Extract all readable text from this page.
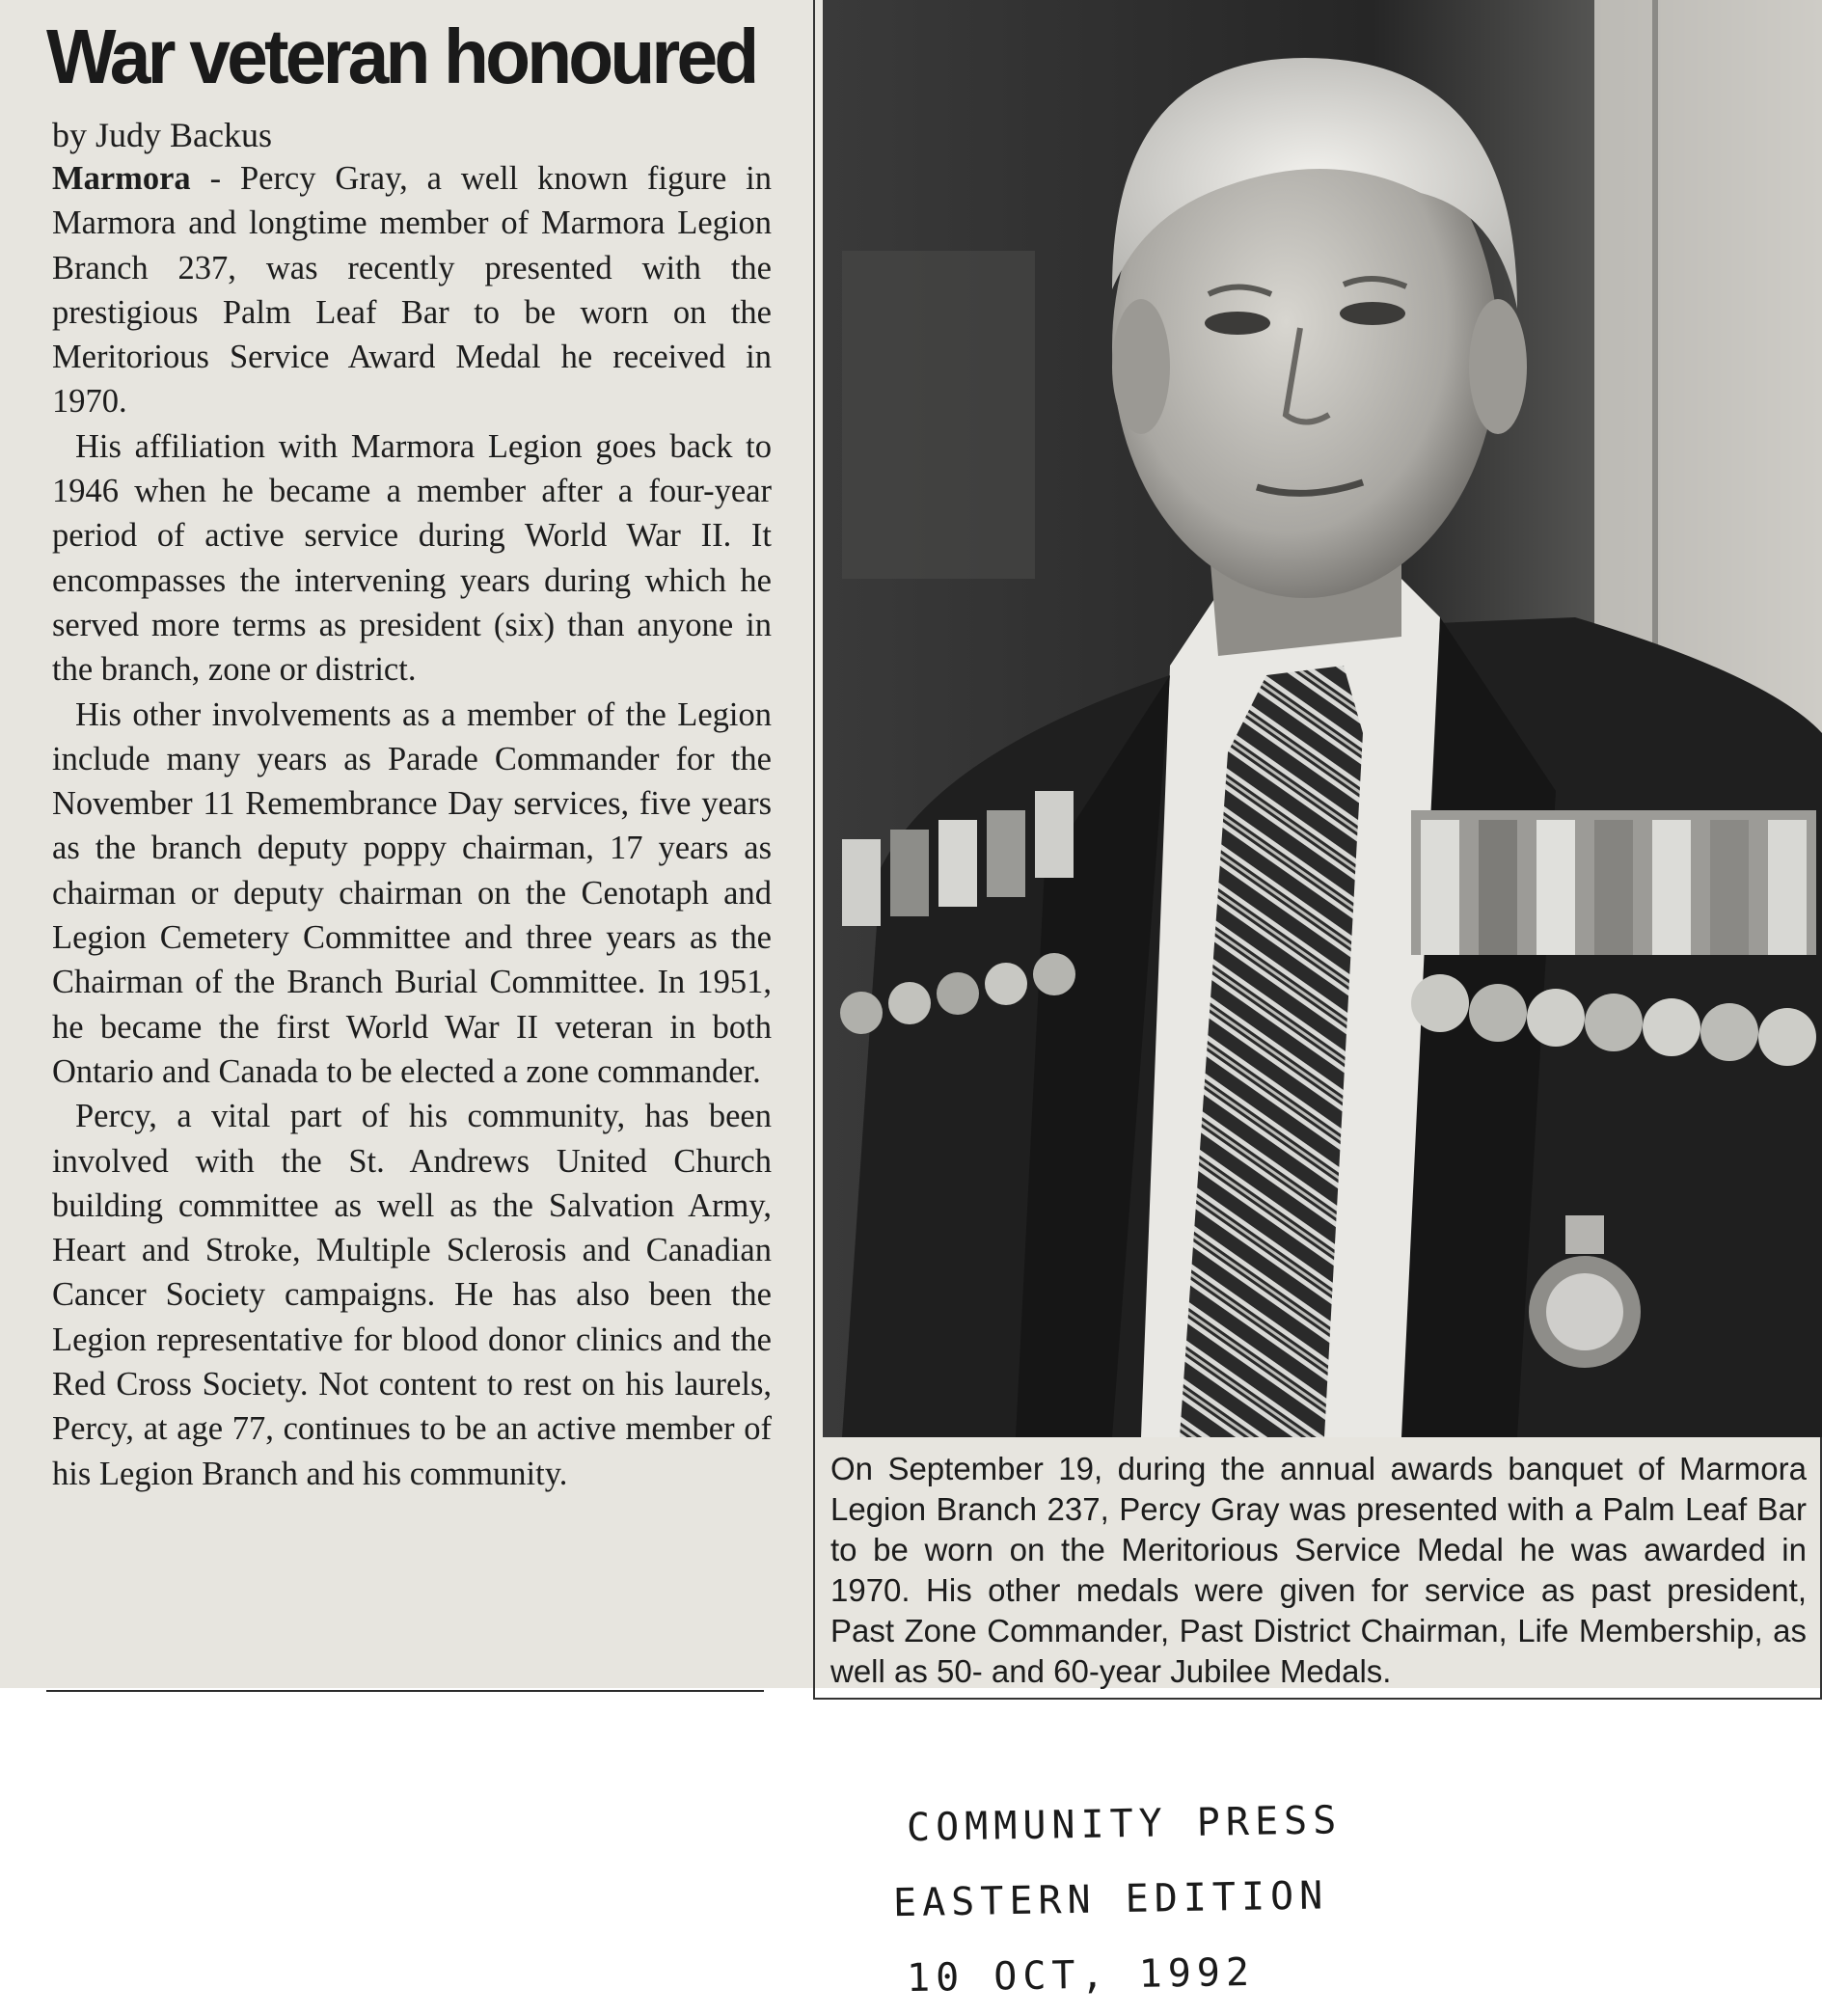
War veteran honoured
by Judy Backus

Marmora - Percy Gray, a well known figure in Marmora and longtime member of Marmora Legion Branch 237, was recently presented with the prestigious Palm Leaf Bar to be worn on the Meritorious Service Award Medal he received in 1970.

His affiliation with Marmora Legion goes back to 1946 when he became a member after a four-year period of active service during World War II. It encompasses the intervening years during which he served more terms as president (six) than anyone in the branch, zone or district.

His other involvements as a member of the Legion include many years as Parade Commander for the November 11 Remembrance Day services, five years as the branch deputy poppy chairman, 17 years as chairman or deputy chairman on the Cenotaph and Legion Cemetery Committee and three years as the Chairman of the Branch Burial Committee. In 1951, he became the first World War II veteran in both Ontario and Canada to be elected a zone commander.

Percy, a vital part of his community, has been involved with the St. Andrews United Church building committee as well as the Salvation Army, Heart and Stroke, Multiple Sclerosis and Canadian Cancer Society campaigns. He has also been the Legion representative for blood donor clinics and the Red Cross Society. Not content to rest on his laurels, Percy, at age 77, continues to be an active member of his Legion Branch and his community.	On September 19, during the annual awards banquet of Marmora Legion Branch 237, Percy Gray was presented with a Palm Leaf Bar to be worn on the Meritorious Service Medal he was awarded in 1970. His other medals were given for service as past president, Past Zone Commander, Past District Chairman, Life Membership, as well as 50- and 60-year Jubilee Medals.
COMMUNITY PRESS
EASTERN EDITION
10 OCT, 1992
